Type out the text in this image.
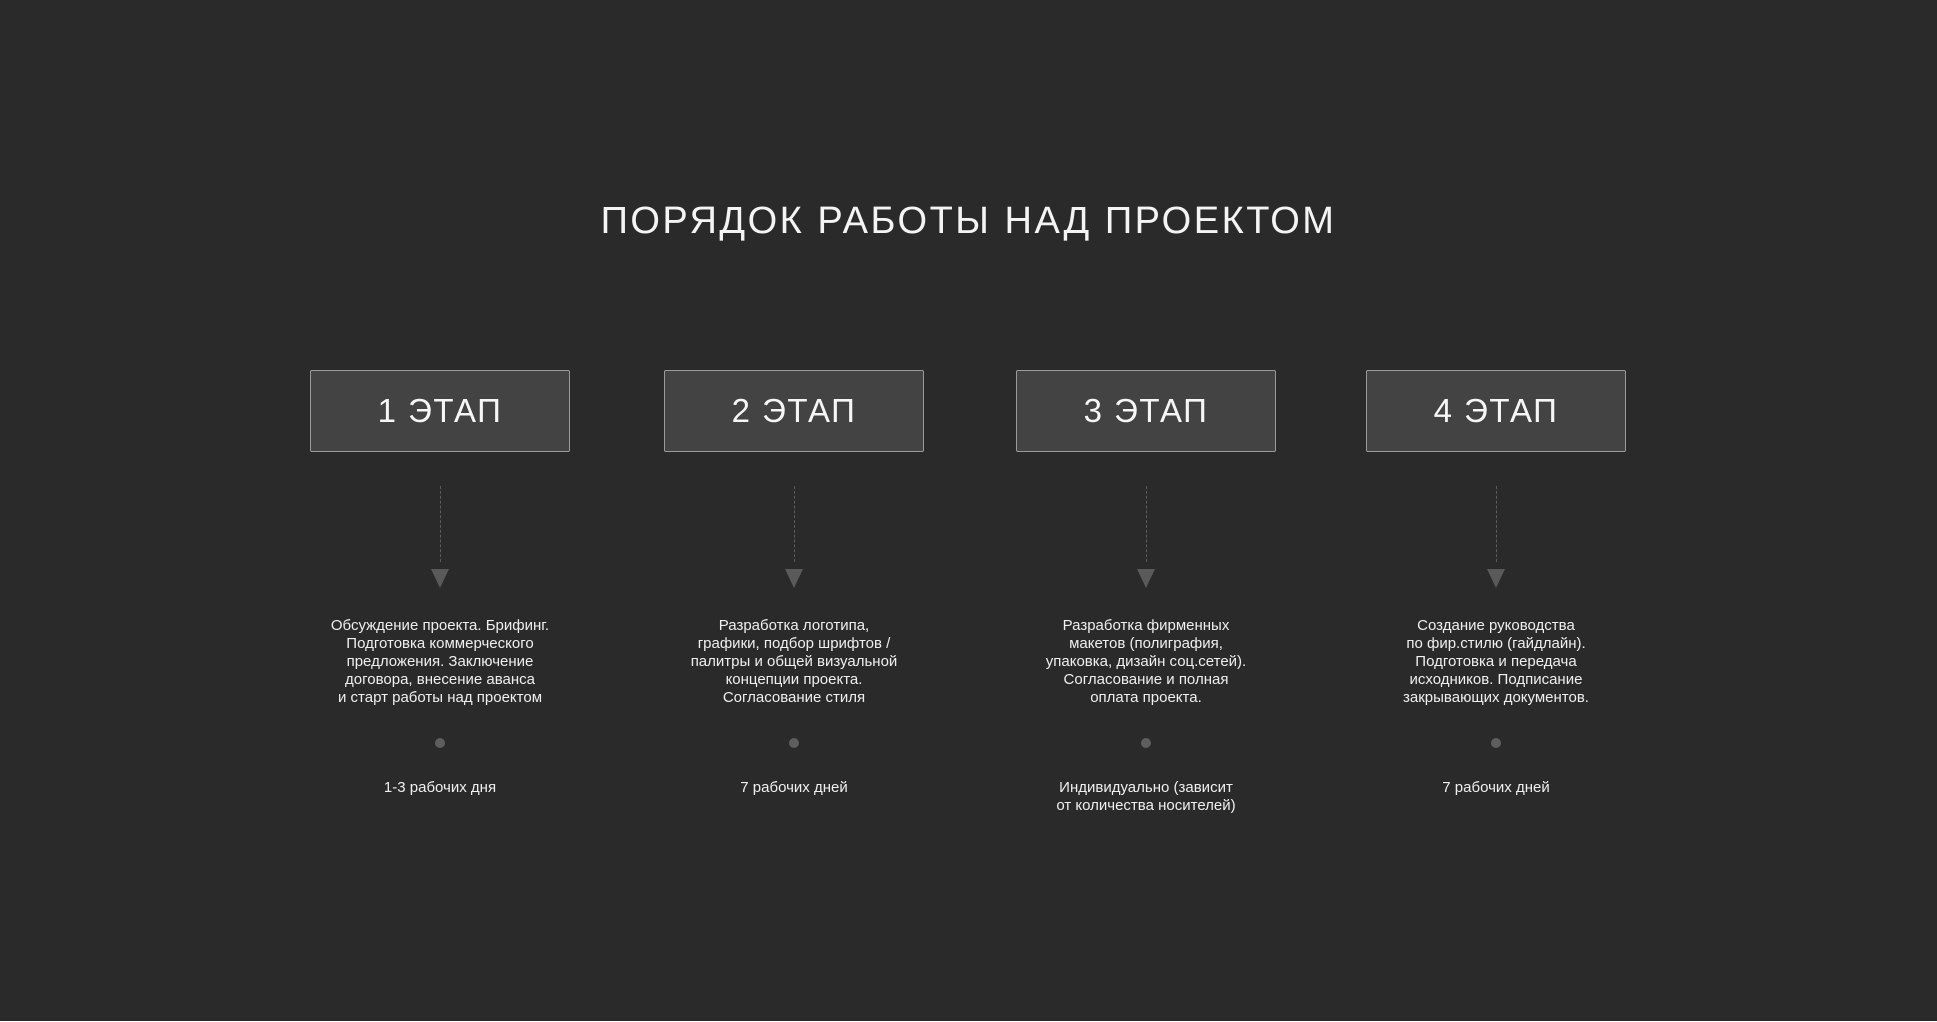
ПОРЯДОК РАБОТЫ НАД ПРОЕКТОМ
1 ЭТАП

Обсуждение проекта. Брифинг.
Подготовка коммерческого
предложения. Заключение
договора, внесение аванса
и старт работы над проектом

1-3 рабочих дня

2 ЭТАП

Разработка логотипа,
графики, подбор шрифтов /
палитры и общей визуальной
концепции проекта.
Согласование стиля

7 рабочих дней

3 ЭТАП

Разработка фирменных
макетов (полиграфия,
упаковка, дизайн соц.сетей).
Согласование и полная
оплата проекта.

Индивидуально (зависит
от количества носителей)

4 ЭТАП

Создание руководства
по фир.стилю (гайдлайн).
Подготовка и передача
исходников. Подписание
закрывающих документов.

7 рабочих дней
